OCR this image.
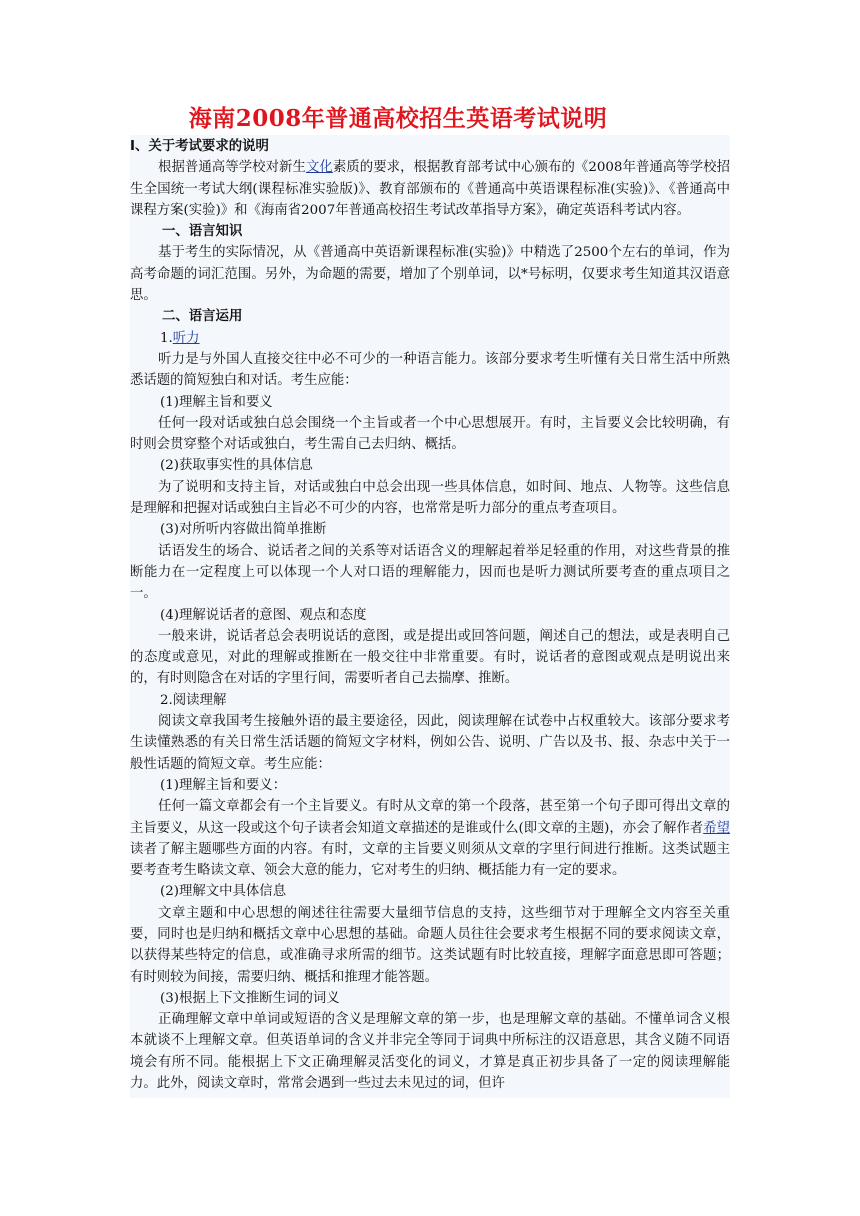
海南2008年普通高校招生英语考试说明

Ⅰ、关于考试要求的说明

根据普通高等学校对新生文化素质的要求，根据教育部考试中心颁布的《2008年普通高等学校招生全国统一考试大纲(课程标准实验版)》、教育部颁布的《普通高中英语课程标准(实验)》、《普通高中课程方案(实验)》和《海南省2007年普通高校招生考试改革指导方案》，确定英语科考试内容。

一、语言知识

基于考生的实际情况，从《普通高中英语新课程标准(实验)》中精选了2500个左右的单词，作为高考命题的词汇范围。另外，为命题的需要，增加了个别单词，以*号标明，仅要求考生知道其汉语意思。

二、语言运用

1.听力

听力是与外国人直接交往中必不可少的一种语言能力。该部分要求考生听懂有关日常生活中所熟悉话题的简短独白和对话。考生应能：

(1)理解主旨和要义

任何一段对话或独白总会围绕一个主旨或者一个中心思想展开。有时，主旨要义会比较明确，有时则会贯穿整个对话或独白，考生需自己去归纳、概括。

(2)获取事实性的具体信息

为了说明和支持主旨，对话或独白中总会出现一些具体信息，如时间、地点、人物等。这些信息是理解和把握对话或独白主旨必不可少的内容，也常常是听力部分的重点考查项目。

(3)对所听内容做出简单推断

话语发生的场合、说话者之间的关系等对话语含义的理解起着举足轻重的作用，对这些背景的推断能力在一定程度上可以体现一个人对口语的理解能力，因而也是听力测试所要考查的重点项目之一。

(4)理解说话者的意图、观点和态度

一般来讲，说话者总会表明说话的意图，或是提出或回答问题，阐述自己的想法，或是表明自己的态度或意见，对此的理解或推断在一般交往中非常重要。有时，说话者的意图或观点是明说出来的，有时则隐含在对话的字里行间，需要听者自己去揣摩、推断。

2.阅读理解

阅读文章我国考生接触外语的最主要途径，因此，阅读理解在试卷中占权重较大。该部分要求考生读懂熟悉的有关日常生活话题的简短文字材料，例如公告、说明、广告以及书、报、杂志中关于一般性话题的简短文章。考生应能：

(1)理解主旨和要义：

任何一篇文章都会有一个主旨要义。有时从文章的第一个段落，甚至第一个句子即可得出文章的主旨要义，从这一段或这个句子读者会知道文章描述的是谁或什么(即文章的主题)，亦会了解作者希望读者了解主题哪些方面的内容。有时，文章的主旨要义则须从文章的字里行间进行推断。这类试题主要考查考生略读文章、领会大意的能力，它对考生的归纳、概括能力有一定的要求。

(2)理解文中具体信息

文章主题和中心思想的阐述往往需要大量细节信息的支持，这些细节对于理解全文内容至关重要，同时也是归纳和概括文章中心思想的基础。命题人员往往会要求考生根据不同的要求阅读文章，以获得某些特定的信息，或准确寻求所需的细节。这类试题有时比较直接，理解字面意思即可答题；有时则较为间接，需要归纳、概括和推理才能答题。

(3)根据上下文推断生词的词义

正确理解文章中单词或短语的含义是理解文章的第一步，也是理解文章的基础。不懂单词含义根本就谈不上理解文章。但英语单词的含义并非完全等同于词典中所标注的汉语意思，其含义随不同语境会有所不同。能根据上下文正确理解灵活变化的词义，才算是真正初步具备了一定的阅读理解能力。此外，阅读文章时，常常会遇到一些过去未见过的词，但许
